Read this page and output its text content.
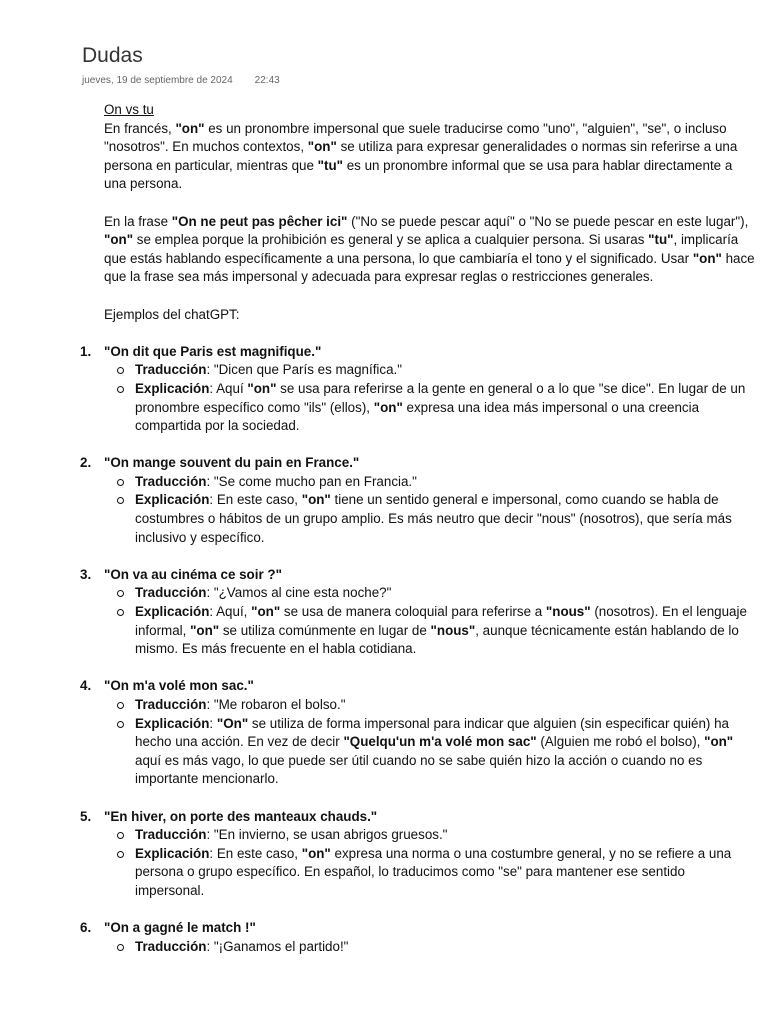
Dudas
jueves, 19 de septiembre de 2024 22:43

On vs tu

En francés, "on" es un pronombre impersonal que suele traducirse como "uno", "alguien", "se", o incluso "nosotros". En muchos contextos, "on" se utiliza para expresar generalidades o normas sin referirse a una persona en particular, mientras que "tu" es un pronombre informal que se usa para hablar directamente a una persona.

En la frase "On ne peut pas pêcher ici" ("No se puede pescar aquí" o "No se puede pescar en este lugar"), "on" se emplea porque la prohibición es general y se aplica a cualquier persona. Si usaras "tu", implicaría que estás hablando específicamente a una persona, lo que cambiaría el tono y el significado. Usar "on" hace que la frase sea más impersonal y adecuada para expresar reglas o restricciones generales.

Ejemplos del chatGPT:

1. "On dit que Paris est magnifique."
Traducción: "Dicen que París es magnífica."
Explicación: Aquí "on" se usa para referirse a la gente en general o a lo que "se dice". En lugar de un pronombre específico como "ils" (ellos), "on" expresa una idea más impersonal o una creencia compartida por la sociedad.
2. "On mange souvent du pain en France."
Traducción: "Se come mucho pan en Francia."
Explicación: En este caso, "on" tiene un sentido general e impersonal, como cuando se habla de costumbres o hábitos de un grupo amplio. Es más neutro que decir "nous" (nosotros), que sería más inclusivo y específico.
3. "On va au cinéma ce soir ?"
Traducción: "¿Vamos al cine esta noche?"
Explicación: Aquí, "on" se usa de manera coloquial para referirse a "nous" (nosotros). En el lenguaje informal, "on" se utiliza comúnmente en lugar de "nous", aunque técnicamente están hablando de lo mismo. Es más frecuente en el habla cotidiana.
4. "On m'a volé mon sac."
Traducción: "Me robaron el bolso."
Explicación: "On" se utiliza de forma impersonal para indicar que alguien (sin especificar quién) ha hecho una acción. En vez de decir "Quelqu'un m'a volé mon sac" (Alguien me robó el bolso), "on" aquí es más vago, lo que puede ser útil cuando no se sabe quién hizo la acción o cuando no es importante mencionarlo.
5. "En hiver, on porte des manteaux chauds."
Traducción: "En invierno, se usan abrigos gruesos."
Explicación: En este caso, "on" expresa una norma o una costumbre general, y no se refiere a una persona o grupo específico. En español, lo traducimos como "se" para mantener ese sentido impersonal.
6. "On a gagné le match !"
Traducción: "¡Ganamos el partido!"
